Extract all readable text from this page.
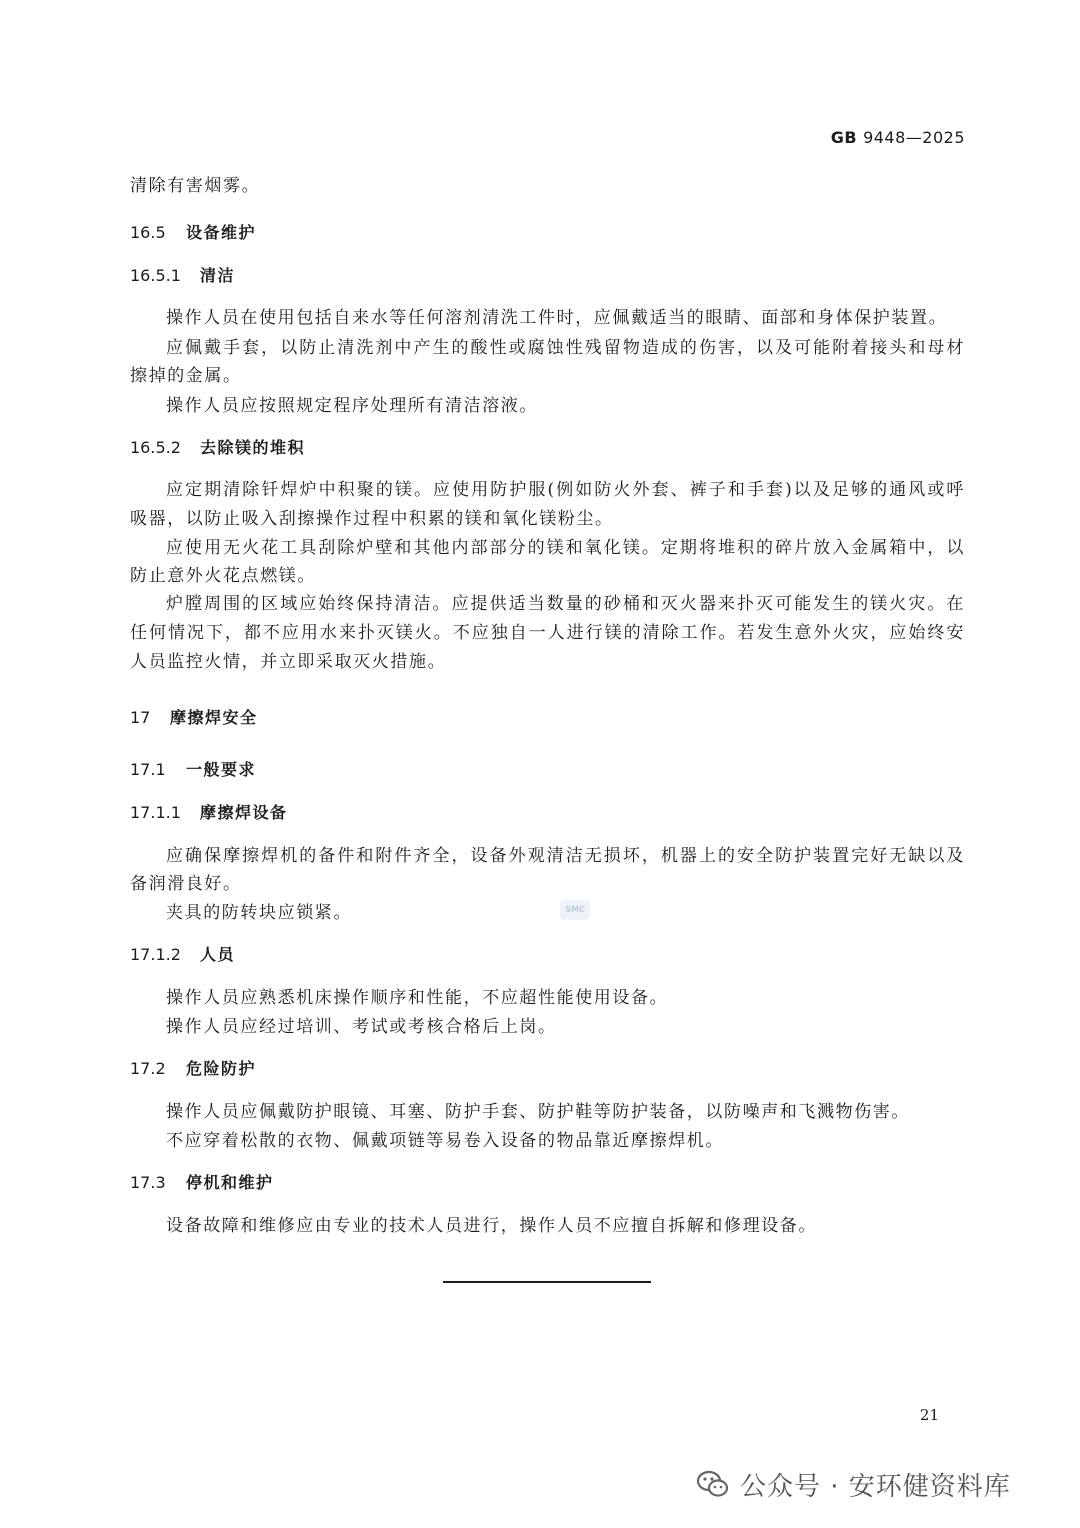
GB 9448—2025
清除有害烟雾。
16.5 设备维护
16.5.1 清洁
操作人员在使用包括自来水等任何溶剂清洗工件时，应佩戴适当的眼睛、面部和身体保护装置。
应佩戴手套，以防止清洗剂中产生的酸性或腐蚀性残留物造成的伤害，以及可能附着接头和母材
擦掉的金属。
操作人员应按照规定程序处理所有清洁溶液。
16.5.2 去除镁的堆积
应定期清除钎焊炉中积聚的镁。应使用防护服(例如防火外套、裤子和手套)以及足够的通风或呼
吸器，以防止吸入刮擦操作过程中积累的镁和氧化镁粉尘。
应使用无火花工具刮除炉壁和其他内部部分的镁和氧化镁。定期将堆积的碎片放入金属箱中，以
防止意外火花点燃镁。
炉膛周围的区域应始终保持清洁。应提供适当数量的砂桶和灭火器来扑灭可能发生的镁火灾。在
任何情况下，都不应用水来扑灭镁火。不应独自一人进行镁的清除工作。若发生意外火灾，应始终安
人员监控火情，并立即采取灭火措施。
17 摩擦焊安全
17.1 一般要求
17.1.1 摩擦焊设备
应确保摩擦焊机的备件和附件齐全，设备外观清洁无损坏，机器上的安全防护装置完好无缺以及
备润滑良好。
夹具的防转块应锁紧。	SMC
17.1.2 人员
操作人员应熟悉机床操作顺序和性能，不应超性能使用设备。
操作人员应经过培训、考试或考核合格后上岗。
17.2 危险防护
操作人员应佩戴防护眼镜、耳塞、防护手套、防护鞋等防护装备，以防噪声和飞溅物伤害。
不应穿着松散的衣物、佩戴项链等易卷入设备的物品靠近摩擦焊机。
17.3 停机和维护
设备故障和维修应由专业的技术人员进行，操作人员不应擅自拆解和修理设备。
21
公众号 · 安环健资料库
